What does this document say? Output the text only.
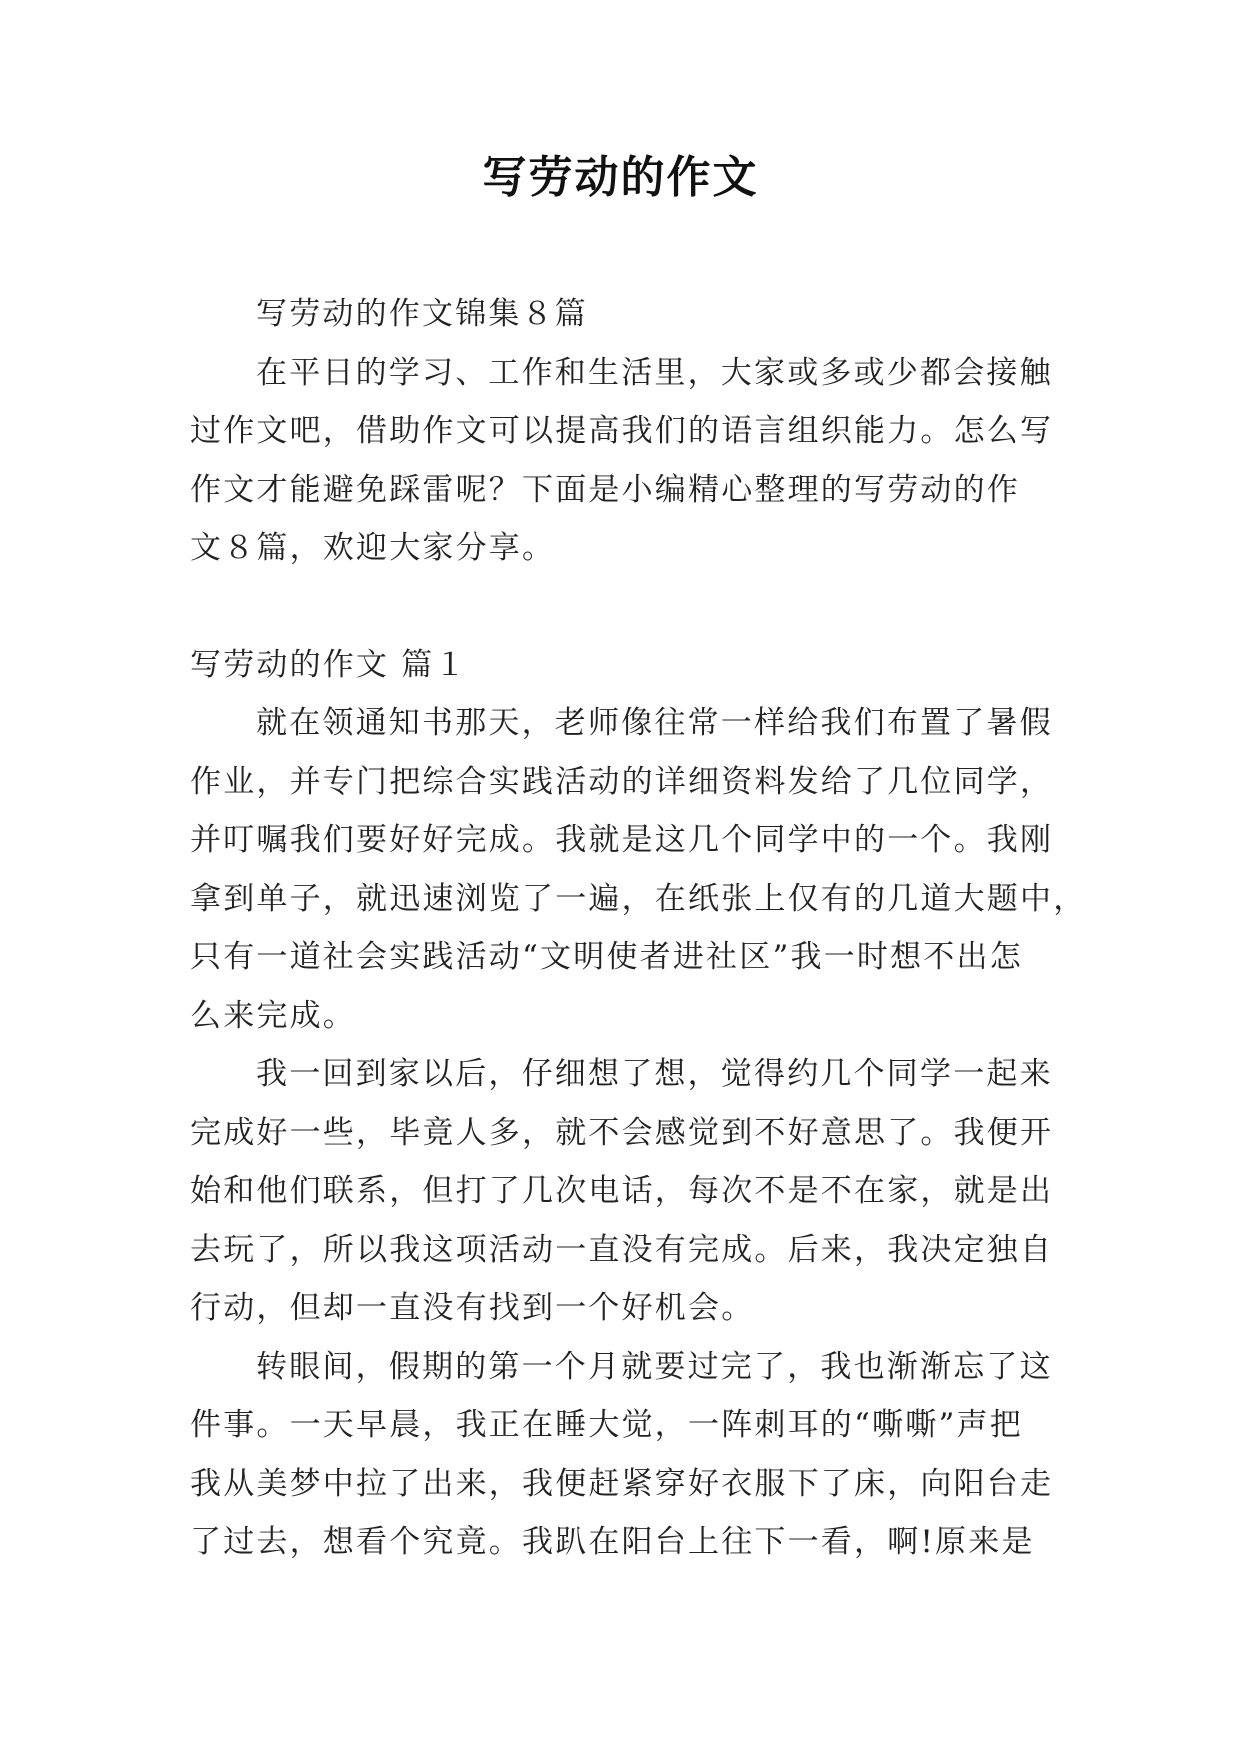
写劳动的作文
写劳动的作文锦集８篇
在平日的学习、工作和生活里，大家或多或少都会接触
过作文吧，借助作文可以提高我们的语言组织能力。怎么写
作文才能避免踩雷呢？下面是小编精心整理的写劳动的作
文８篇，欢迎大家分享。
写劳动的作文 篇１
就在领通知书那天，老师像往常一样给我们布置了暑假
作业，并专门把综合实践活动的详细资料发给了几位同学，
并叮嘱我们要好好完成。我就是这几个同学中的一个。我刚
拿到单子，就迅速浏览了一遍，在纸张上仅有的几道大题中，
只有一道社会实践活动“文明使者进社区”我一时想不出怎
么来完成。
我一回到家以后，仔细想了想，觉得约几个同学一起来
完成好一些，毕竟人多，就不会感觉到不好意思了。我便开
始和他们联系，但打了几次电话，每次不是不在家，就是出
去玩了，所以我这项活动一直没有完成。后来，我决定独自
行动，但却一直没有找到一个好机会。
转眼间，假期的第一个月就要过完了，我也渐渐忘了这
件事。一天早晨，我正在睡大觉，一阵刺耳的“嘶嘶”声把
我从美梦中拉了出来，我便赶紧穿好衣服下了床，向阳台走
了过去，想看个究竟。我趴在阳台上往下一看，啊!原来是
